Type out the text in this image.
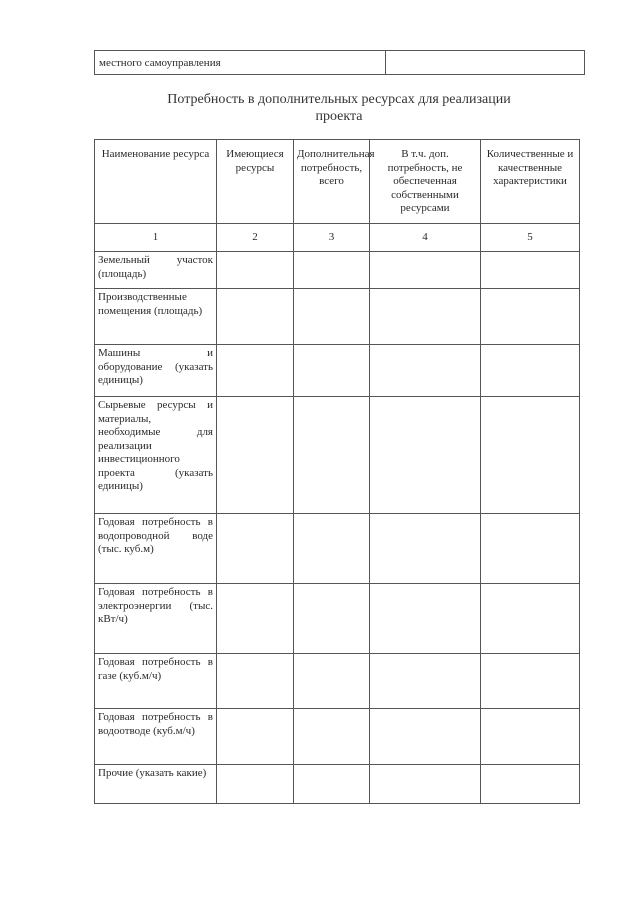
местного самоуправления	
Потребность в дополнительных ресурсах для реализации
проекта
Наименование ресурса	Имеющиеся ресурсы	Дополнительная потребность, всего	В т.ч. доп. потребность, не обеспеченная собственными ресурсами	Количественные и качественные характеристики
1	2	3	4	5
Земельный участок (площадь)				
Производственные помещения (площадь)				
Машины и оборудование (указать единицы)				
Сырьевые ресурсы и материалы, необходимые для реализации инвестиционного проекта (указать единицы)				
Годовая потребность в водопроводной воде (тыс. куб.м)				
Годовая потребность в электроэнергии (тыс. кВт/ч)				
Годовая потребность в газе (куб.м/ч)				
Годовая потребность в водоотводе (куб.м/ч)				
Прочие (указать какие)				
